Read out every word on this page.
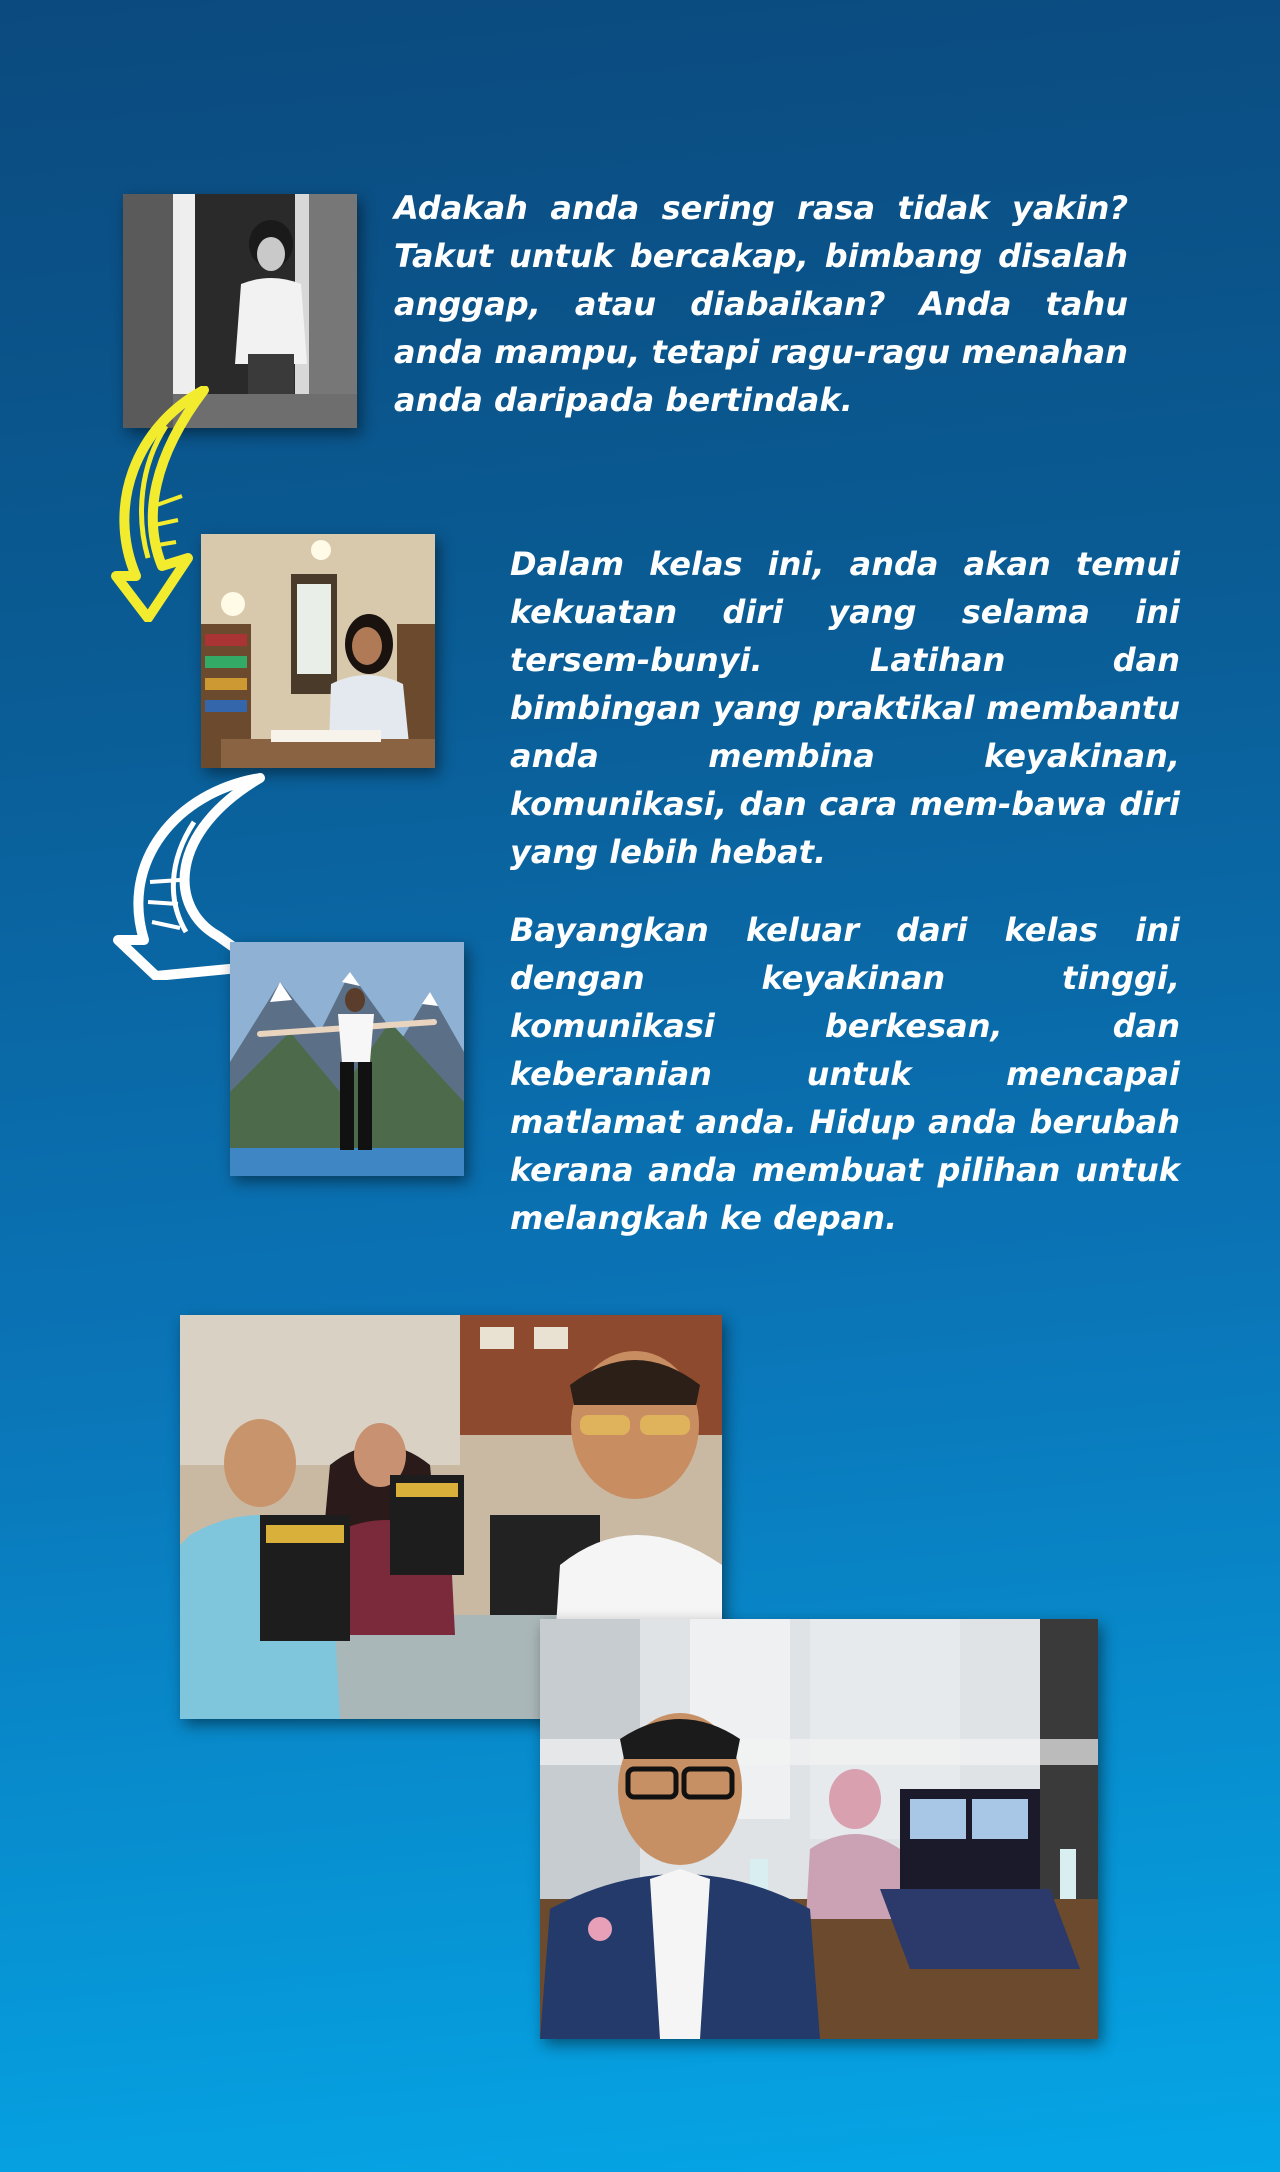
Adakah anda sering rasa tidak yakin? Takut untuk bercakap, bimbang disalah anggap, atau diabaikan? Anda tahu anda mampu, tetapi ragu-ragu menahan anda daripada bertindak.
Dalam kelas ini, anda akan temui kekuatan diri yang selama ini tersem-bunyi. Latihan dan bimbingan yang praktikal membantu anda membina keyakinan, komunikasi, dan cara mem-bawa diri yang lebih hebat.
Bayangkan keluar dari kelas ini dengan keyakinan tinggi, komunikasi berkesan, dan keberanian untuk mencapai matlamat anda. Hidup anda berubah kerana anda membuat pilihan untuk melangkah ke depan.
